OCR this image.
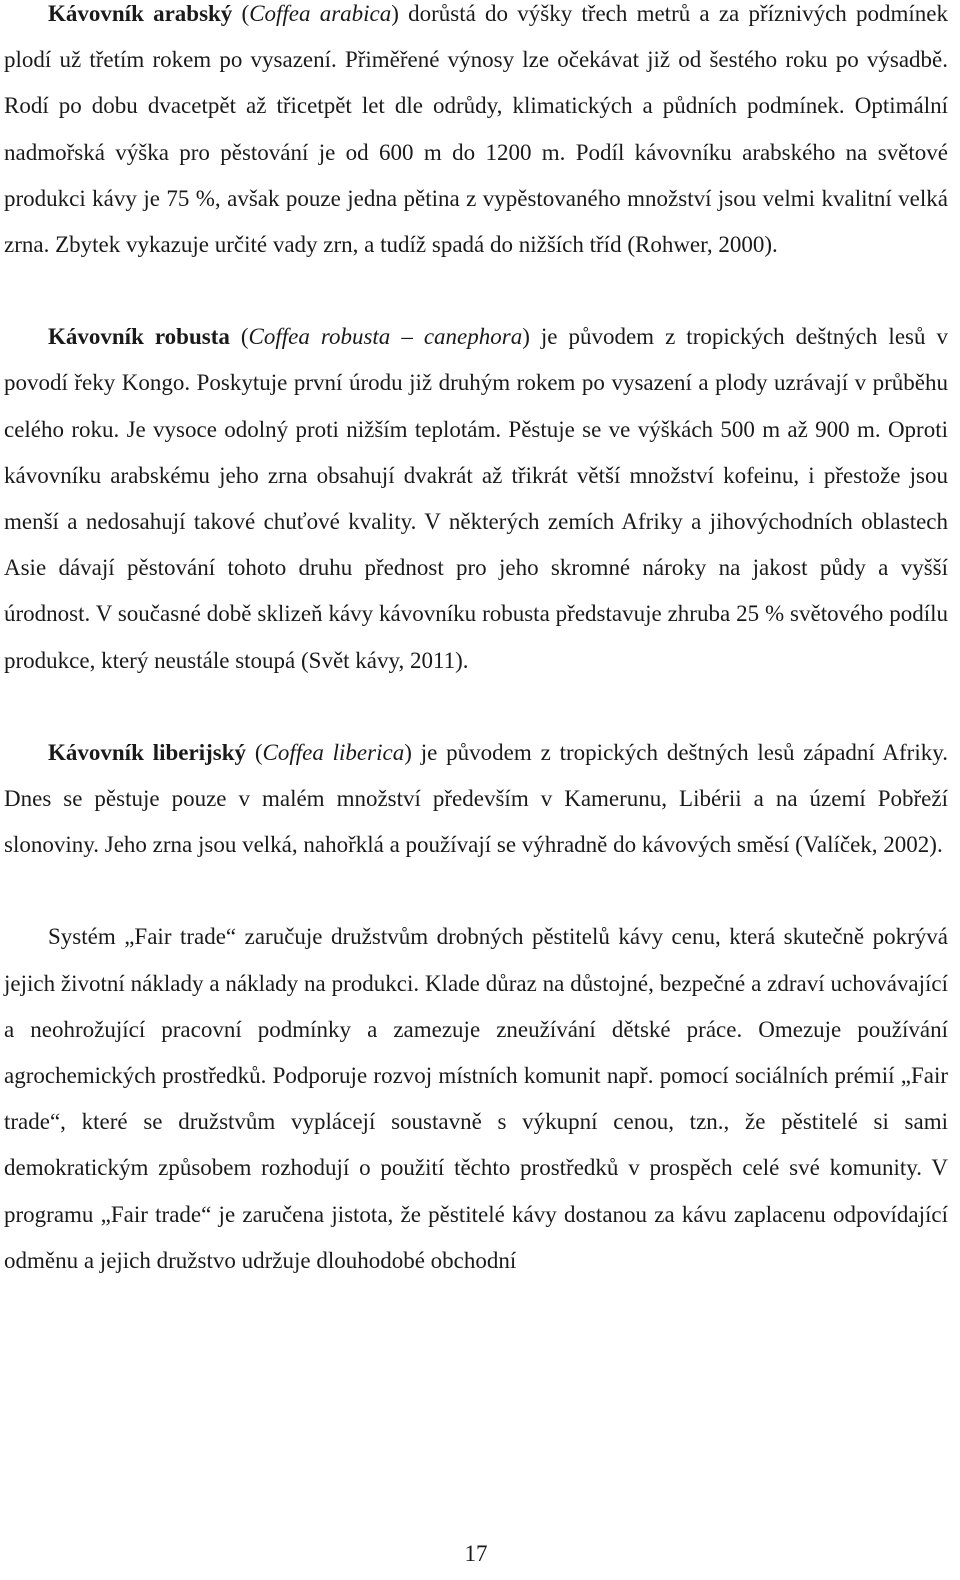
Kávovník arabský (Coffea arabica) dorůstá do výšky třech metrů a za příznivých podmínek plodí už třetím rokem po vysazení. Přiměřené výnosy lze očekávat již od šestého roku po výsadbě. Rodí po dobu dvacetpět až třicetpět let dle odrůdy, klimatických a půdních podmínek. Optimální nadmořská výška pro pěstování je od 600 m do 1200 m. Podíl kávovníku arabského na světové produkci kávy je 75 %, avšak pouze jedna pětina z vypěstovaného množství jsou velmi kvalitní velká zrna. Zbytek vykazuje určité vady zrn, a tudíž spadá do nižších tříd (Rohwer, 2000).

Kávovník robusta (Coffea robusta – canephora) je původem z tropických deštných lesů v povodí řeky Kongo. Poskytuje první úrodu již druhým rokem po vysazení a plody uzrávají v průběhu celého roku. Je vysoce odolný proti nižším teplotám. Pěstuje se ve výškách 500 m až 900 m. Oproti kávovníku arabskému jeho zrna obsahují dvakrát až třikrát větší množství kofeinu, i přestože jsou menší a nedosahují takové chuťové kvality. V některých zemích Afriky a jihovýchodních oblastech Asie dávají pěstování tohoto druhu přednost pro jeho skromné nároky na jakost půdy a vyšší úrodnost. V současné době sklizeň kávy kávovníku robusta představuje zhruba 25 % světového podílu produkce, který neustále stoupá (Svět kávy, 2011).

Kávovník liberijský (Coffea liberica) je původem z tropických deštných lesů západní Afriky. Dnes se pěstuje pouze v malém množství především v Kamerunu, Libérii a na území Pobřeží slonoviny. Jeho zrna jsou velká, nahořklá a používají se výhradně do kávových směsí (Valíček, 2002).

Systém „Fair trade“ zaručuje družstvům drobných pěstitelů kávy cenu, která skutečně pokrývá jejich životní náklady a náklady na produkci. Klade důraz na důstojné, bezpečné a zdraví uchovávající a neohrožující pracovní podmínky a zamezuje zneužívání dětské práce. Omezuje používání agrochemických prostředků. Podporuje rozvoj místních komunit např. pomocí sociálních prémií „Fair trade“, které se družstvům vyplácejí soustavně s výkupní cenou, tzn., že pěstitelé si sami demokratickým způsobem rozhodují o použití těchto prostředků v prospěch celé své komunity. V programu „Fair trade“ je zaručena jistota, že pěstitelé kávy dostanou za kávu zaplacenu odpovídající odměnu a jejich družstvo udržuje dlouhodobé obchodní

17
